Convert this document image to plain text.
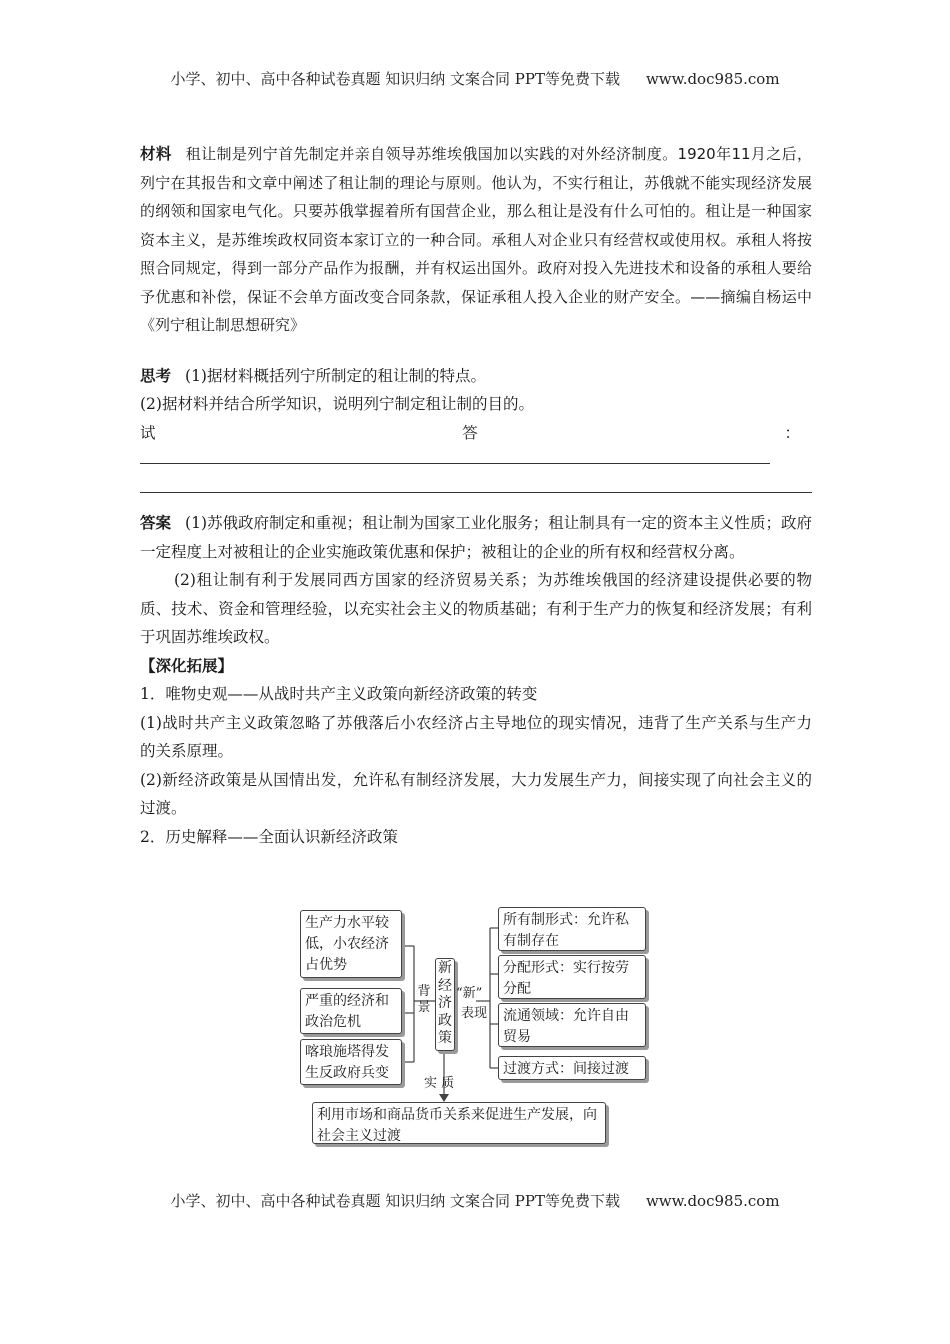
小学、初中、高中各种试卷真题 知识归纳 文案合同 PPT等免费下载 www.doc985.com

材料 租让制是列宁首先制定并亲自领导苏维埃俄国加以实践的对外经济制度。1920年11月之后，列宁在其报告和文章中阐述了租让制的理论与原则。他认为，不实行租让，苏俄就不能实现经济发展的纲领和国家电气化。只要苏俄掌握着所有国营企业，那么租让是没有什么可怕的。租让是一种国家资本主义，是苏维埃政权同资本家订立的一种合同。承租人对企业只有经营权或使用权。承租人将按照合同规定，得到一部分产品作为报酬，并有权运出国外。政府对投入先进技术和设备的承租人要给予优惠和补偿，保证不会单方面改变合同条款，保证承租人投入企业的财产安全。——摘编自杨运中《列宁租让制思想研究》

思考 (1)据材料概括列宁所制定的租让制的特点。

(2)据材料并结合所学知识，说明列宁制定租让制的目的。

试	答	：

答案 (1)苏俄政府制定和重视；租让制为国家工业化服务；租让制具有一定的资本主义性质；政府一定程度上对被租让的企业实施政策优惠和保护；被租让的企业的所有权和经营权分离。

(2)租让制有利于发展同西方国家的经济贸易关系；为苏维埃俄国的经济建设提供必要的物质、技术、资金和管理经验，以充实社会主义的物质基础；有利于生产力的恢复和经济发展；有利于巩固苏维埃政权。

【深化拓展】

1．唯物史观——从战时共产主义政策向新经济政策的转变

(1)战时共产主义政策忽略了苏俄落后小农经济占主导地位的现实情况，违背了生产关系与生产力的关系原理。

(2)新经济政策是从国情出发，允许私有制经济发展，大力发展生产力，间接实现了向社会主义的过渡。

2．历史解释——全面认识新经济政策

生产力水平较低，小农经济占优势
严重的经济和政治危机
喀琅施塔得发生反政府兵变
背
景
新
经
济
政
策
“新”
表现
所有制形式：允许私有制存在
分配形式：实行按劳分配
流通领域：允许自由贸易
过渡方式：间接过渡
实 质
利用市场和商品货币关系来促进生产发展，向社会主义过渡
小学、初中、高中各种试卷真题 知识归纳 文案合同 PPT等免费下载 www.doc985.com
